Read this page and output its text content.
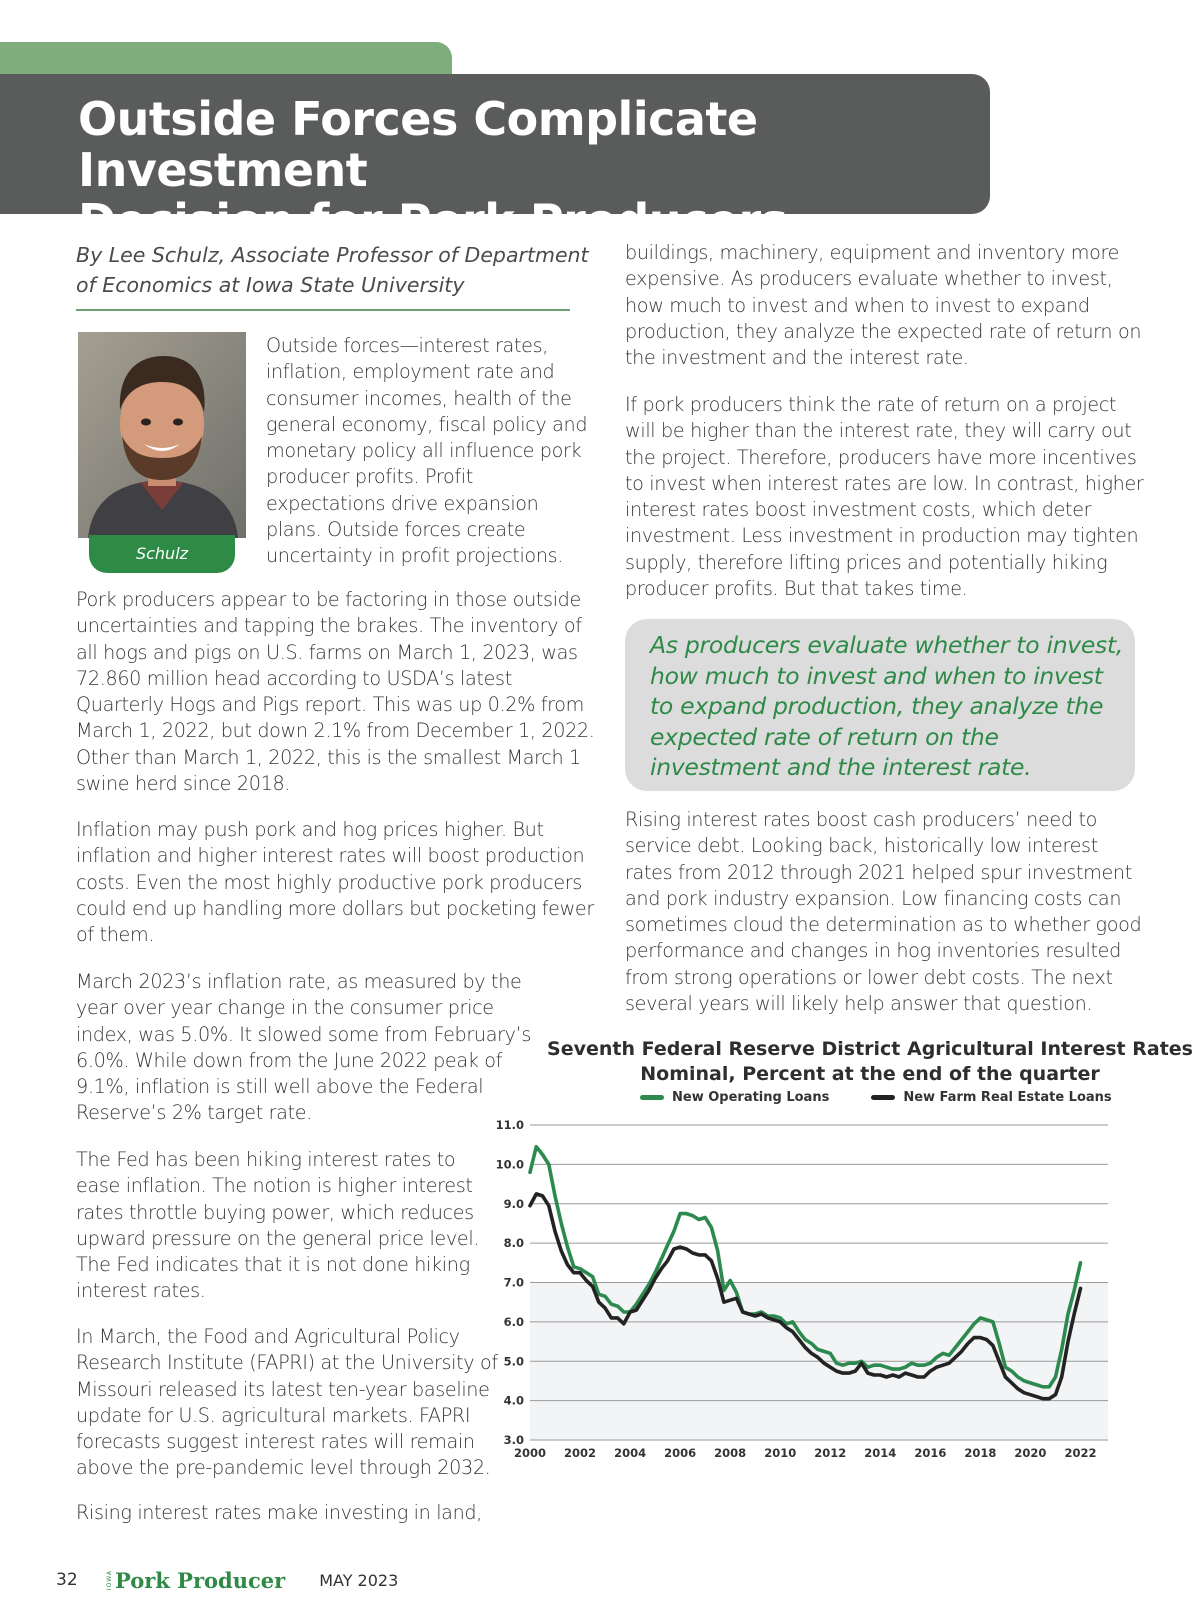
Outside Forces Complicate Investment
Decision for Pork Producers
By Lee Schulz, Associate Professor of Department
of Economics at Iowa State University
Schulz

Outside forces—interest rates, inflation, employment rate and consumer incomes, health of the general economy, fiscal policy and monetary policy all influence pork producer profits. Profit expectations drive expansion plans. Outside forces create uncertainty in profit projections.

Pork producers appear to be factoring in those outside uncertainties and tapping the brakes. The inventory of all hogs and pigs on U.S. farms on March 1, 2023, was 72.860 million head according to USDA’s latest Quarterly Hogs and Pigs report. This was up 0.2% from March 1, 2022, but down 2.1% from December 1, 2022. Other than March 1, 2022, this is the smallest March 1 swine herd since 2018.

Inflation may push pork and hog prices higher. But inflation and higher interest rates will boost production costs. Even the most highly productive pork producers could end up handling more dollars but pocketing fewer of them.

March 2023’s inflation rate, as measured by the year over year change in the consumer price index, was 5.0%. It slowed some from February’s 6.0%. While down from the June 2022 peak of 9.1%, inflation is still well above the Federal Reserve’s 2% target rate.

The Fed has been hiking interest rates to ease inflation. The notion is higher interest rates throttle buying power, which reduces upward pressure on the general price level. The Fed indicates that it is not done hiking interest rates.

In March, the Food and Agricultural Policy Research Institute (FAPRI) at the University of Missouri released its latest ten-year baseline update for U.S. agricultural markets. FAPRI forecasts suggest interest rates will remain above the pre-pandemic level through 2032.

Rising interest rates make investing in land,

buildings, machinery, equipment and inventory more expensive. As producers evaluate whether to invest, how much to invest and when to invest to expand production, they analyze the expected rate of return on the investment and the interest rate.

If pork producers think the rate of return on a project will be higher than the interest rate, they will carry out the project. Therefore, producers have more incentives to invest when interest rates are low. In contrast, higher interest rates boost investment costs, which deter investment. Less investment in production may tighten supply, therefore lifting prices and potentially hiking producer profits. But that takes time.

As producers evaluate whether to invest, how much to invest and when to invest to expand production, they analyze the expected rate of return on the investment and the interest rate.

Rising interest rates boost cash producers’ need to service debt. Looking back, historically low interest rates from 2012 through 2021 helped spur investment and pork industry expansion. Low financing costs can sometimes cloud the determination as to whether good performance and changes in hog inventories resulted from strong operations or lower debt costs. The next several years will likely help answer that question.

Seventh Federal Reserve District Agricultural Interest Rates
Nominal, Percent at the end of the quarter
New Operating Loans	New Farm Real Estate Loans
11.0
10.0
9.0
8.0
7.0
6.0
5.0
4.0
3.0
2000 2002 2004 2006 2008 2010 2012 2014 2016 2018 2020 2022
32	IOWA Pork Producer MAY 2023
